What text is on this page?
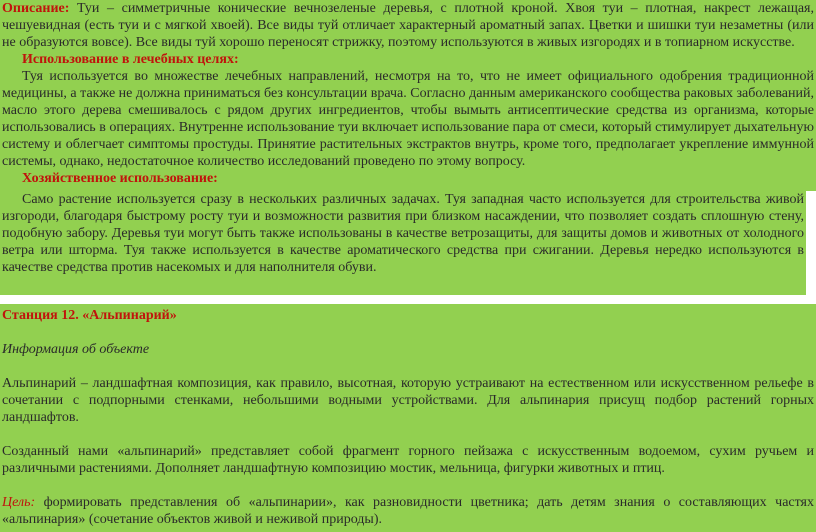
Описание: Туи – симметричные конические вечнозеленые деревья, с плотной кроной. Хвоя туи – плотная, накрест лежащая, чешуевидная (есть туи и с мягкой хвоей). Все виды туй отличает характерный ароматный запах. Цветки и шишки туи незаметны (или не образуются вовсе). Все виды туй хорошо переносят стрижку, поэтому используются в живых изгородях и в топиарном искусстве.

Использование в лечебных целях:

Туя используется во множестве лечебных направлений, несмотря на то, что не имеет официального одобрения традиционной медицины, а также не должна приниматься без консультации врача. Согласно данным американского сообщества раковых заболеваний, масло этого дерева смешивалось с рядом других ингредиентов, чтобы вымыть антисептические средства из организма, которые использовались в операциях. Внутренне использование туи включает использование пара от смеси, который стимулирует дыхательную систему и облегчает симптомы простуды. Принятие растительных экстрактов внутрь, кроме того, предполагает укрепление иммунной системы, однако, недостаточное количество исследований проведено по этому вопросу.

Хозяйственное использование:

Само растение используется сразу в нескольких различных задачах. Туя западная часто используется для строительства живой изгороди, благодаря быстрому росту туи и возможности развития при близком насаждении, что позволяет создать сплошную стену, подобную забору. Деревья туи могут быть также использованы в качестве ветрозащиты, для защиты домов и животных от холодного ветра или шторма. Туя также используется в качестве ароматического средства при сжигании. Деревья нередко используются в качестве средства против насекомых и для наполнителя обуви.

Станция 12. «Альпинарий»

Информация об объекте

Альпинарий – ландшафтная композиция, как правило, высотная, которую устраивают на естественном или искусственном рельефе в сочетании с подпорными стенками, небольшими водными устройствами. Для альпинария присущ подбор растений горных ландшафтов.

Созданный нами «альпинарий» представляет собой фрагмент горного пейзажа с искусственным водоемом, сухим ручьем и различными растениями. Дополняет ландшафтную композицию мостик, мельница, фигурки животных и птиц.

Цель: формировать представления об «альпинарии», как разновидности цветника; дать детям знания о составляющих частях «альпинария» (сочетание объектов живой и неживой природы).
